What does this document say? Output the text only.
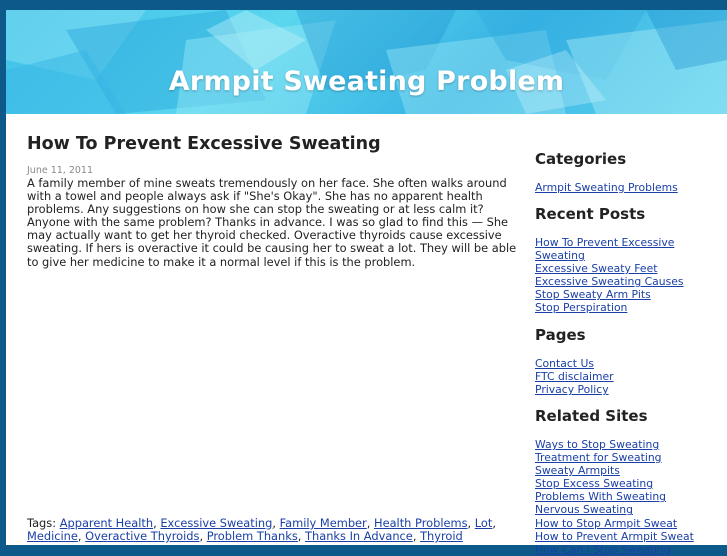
Armpit Sweating Problem
How To Prevent Excessive Sweating
June 11, 2011
A family member of mine sweats tremendously on her face. She often walks around with a towel and people always ask if "She's Okay". She has no apparent health problems. Any suggestions on how she can stop the sweating or at less calm it? Anyone with the same problem? Thanks in advance. I was so glad to find this — She may actually want to get her thyroid checked. Overactive thyroids cause excessive sweating. If hers is overactive it could be causing her to sweat a lot. They will be able to give her medicine to make it a normal level if this is the problem.
Tags: Apparent Health, Excessive Sweating, Family Member, Health Problems, Lot, Medicine, Overactive Thyroids, Problem Thanks, Thanks In Advance, Thyroid
Categories
Armpit Sweating Problems
Recent Posts
How To Prevent Excessive Sweating
Excessive Sweaty Feet
Excessive Sweating Causes
Stop Sweaty Arm Pits
Stop Perspiration
Pages
Contact Us
FTC disclaimer
Privacy Policy
Related Sites
Ways to Stop Sweating
Treatment for Sweating
Sweaty Armpits
Stop Excess Sweating
Problems With Sweating
Nervous Sweating
How to Stop Armpit Sweat
How to Prevent Armpit Sweat
How Can I Stop Sweating
